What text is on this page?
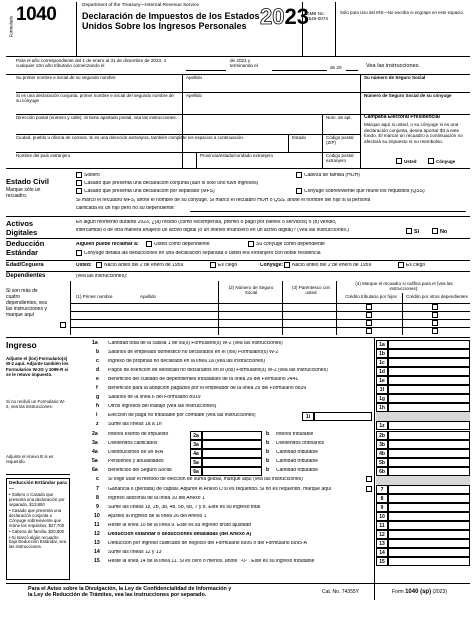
Formulario
1040	Department of the Treasury—Internal Revenue Service
Declaración de Impuestos de los Estados
Unidos Sobre los Ingresos Personales 2023
OMB No. 1545-0074
Sólo para Uso del IRS—No escriba ni engrape en este espacio.
Para el año correspondiente del 1 de enero al 31 de diciembre de 2023, o cualquier otro año tributario comenzando el
de 2023 y terminando el	de 20	Vea las instrucciones.
Su primer nombre e inicial de su segundo nombre	Apellido	Su número de Seguro Social
Si es una declaración conjunta, primer nombre e inicial del segundo nombre de su cónyuge
Apellido	Número de Seguro Social de su cónyuge
Dirección postal (número y calle). Si tiene apartado postal, vea las instrucciones.	Núm. de apt.
Ciudad, pueblo u oficina de correos. Si es una dirección extranjera, también complete los espacios a continuación.	Estado	Código postal (ZIP)
Nombre del país extranjero	Provincia/estado/condado extranjero	Código postal extranjero
Campaña Electoral Presidencial
Marque aquí si usted, o su cónyuge si es una declaración conjunta, desea aportar $3 a este fondo. El marcar un recuadro a continuación no afectará su impuesto ni su reembolso.
Usted	Cónyuge
Estado Civil
Marque sólo un recuadro.
Soltero
Casado que presenta una declaración conjunta (aun si sólo uno tuvo ingresos)
Casado que presenta una declaración por separado (MFS)
Cabeza de familia (HOH)
Cónyuge sobreviviente que reúne los requisitos (QSS)
Si marcó el recuadro MFS, anote el nombre de su cónyuge. Si marcó el recuadro HOH o QSS, anote el nombre del hijo si la persona
calificada es un hijo pero no su dependiente:
Activos
Digitales
En algún momento durante 2023, ¿(a) recibió (como recompensa, premio o pago por bienes o servicios) o (b) vendió,
intercambió o de otra manera enajenó un activo digital (o un interés financiero en un activo digital)? (Vea las instrucciones.)	Sí	No
Deducción
Estándar
Alguien puede reclamar a:	Usted como dependiente	Su cónyuge como dependiente
Cónyuge detalla las deducciones en una declaración separada o usted era extranjero con doble residencia
Edad/Ceguera	Usted: Nació antes del 2 de enero de 1959	Es ciego	Cónyuge: Nació antes del 2 de enero de 1959	Es ciego
Dependientes	(vea las instrucciones):
Si son más de cuatro dependientes, vea las instrucciones y marque aquí
(1) Primer nombre	Apellido
(2) Número de Seguro Social
(3) Parentesco con usted
(4) Marque el recuadro si califica para el (vea las instrucciones):
Crédito tributario por hijos	Crédito por otros dependientes
Ingreso
Adjunte el (los) Formulario(s) W-2 aquí. Adjunte también los Formularios W-2G y 1099-R si se le retuvo impuesto.
Si no recibió un Formulario W-2, vea las instrucciones.
Adjunte el Anexo B si es requerido.
Deducción Estándar para—
• Soltero o Casado que presenta una declaración por separado, $13,850
• Casado que presenta una declaración conjunta o Cónyuge sobreviviente que reúne los requisitos, $27,700
• Cabeza de familia, $20,800
• Si marcó algún recuadro bajo Deducción Estándar, vea las instrucciones.
1a Cantidad total de la casilla 1 de su(s) Formulario(s) W-2 (vea las instrucciones)	1a
b Salarios de empleado doméstico no declarados en el (los) Formulario(s) W-2	1b
c Ingreso de propinas no declarado en la línea 1a (vea las instrucciones)	1c
d Pagos de exención de Medicaid no declarados en el (los) Formulario(s) W-2 (vea las instrucciones)	1d
e Beneficios del cuidado de dependientes tributables de la línea 26 del Formulario 2441	1e
f Beneficios para la adopción pagados por el empleador de la línea 29 del Formulario 8839	1f
g Salarios de la línea 6 del Formulario 8919	1g
h Otros ingresos del trabajo (vea las instrucciones)	1h
i Elección de paga no tributable por combate (vea las instrucciones)	1i
z Sume las líneas 1a a 1h	1z
2a Interés exento de impuesto	2a	b Interés tributable	2b
3a Dividendos calificados	3a	b Dividendos ordinarios	3b
4a Distribuciones de un IRA	4a	b Cantidad tributable	4b
5a Pensiones y anualidades	5a	b Cantidad tributable	5b
6a Beneficios del Seguro Social	6a	b Cantidad tributable	6b
c Si elige usar el método de elección de suma global, marque aquí (vea las instrucciones)
7 Ganancia o (pérdida) de capital. Adjunte el Anexo D si es requerido. Si no es requerido, marque aquí	7
8 Ingreso adicional de la línea 10 del Anexo 1	8
9 Sume las líneas 1z, 2b, 3b, 4b, 5b, 6b, 7 y 8. Éste es su ingreso total	9
10 Ajustes al ingreso de la línea 26 del Anexo 1	10
11 Reste la línea 10 de la línea 9. Éste es su ingreso bruto ajustado	11
12 Deducción estándar o deducciones detalladas (del Anexo A)	12
13 Deducción por ingreso calificado de negocio del Formulario 8995 o del Formulario 8995-A	13
14 Sume las líneas 12 y 13	14
15 Reste la línea 14 de la línea 11. Si es cero o menos, anote "-0-". Éste es su ingreso tributable	15
Para el Aviso sobre la Divulgación, la Ley de Confidencialidad de Información y
la Ley de Reducción de Trámites, vea las instrucciones por separado.
Cat. No. 74355Y	Form 1040 (sp) (2023)
